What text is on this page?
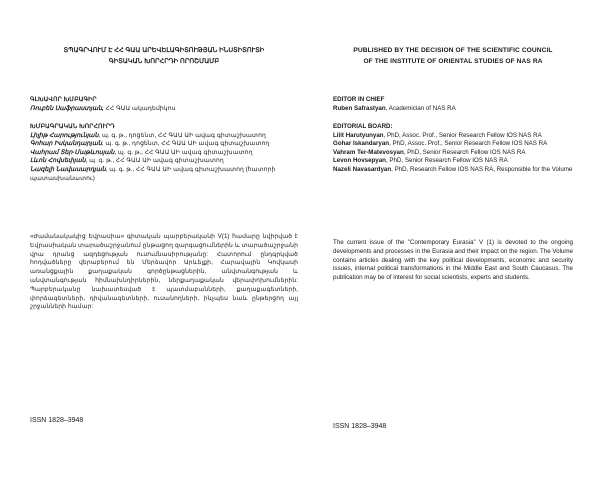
ՏՊԱԳՐՎՈՒՄ Է ՀՀ ԳԱԱ ԱՐԵՎԵԼԱԳԻՏՈՒԹՅԱՆ ԻՆՍՏԻՏՈՒՏԻ
ԳԻՏԱԿԱՆ ԽՈՐՀՐԴԻ ՈՐՈՇՄԱՄԲ
ԳԼԽԱՎՈՐ ԽՄԲԱԳԻՐ
Ռուբեն Սաֆրաստյան, ՀՀ ԳԱԱ ակադեմիկոս
ԽՄԲԱԳՐԱԿԱՆ ԽՈՐՀՈՒՐԴ

Լիլիթ Հարությունյան, պ. գ. թ., դոցենտ, ՀՀ ԳԱԱ ԱԻ ավագ գիտաշխատող

Գոհար Իսկանդարյան, պ. գ. թ., դոցենտ, ՀՀ ԳԱԱ ԱԻ ավագ գիտաշխատող

Վահրամ Տեր-Մաթևոսյան, պ. գ. թ., ՀՀ ԳԱԱ ԱԻ ավագ գիտաշխատող

Լևոն Հովսեփյան, պ. գ. թ., ՀՀ ԳԱԱ ԱԻ ավագ գիտաշխատող

Նազելի Նավասարդյան, պ. գ. թ., ՀՀ ԳԱԱ ԱԻ ավագ գիտաշխատող (հատորի պատասխանատու)

«Ժամանակակից Եվրասիա» գիտական պարբերականի V(1) համարը նվիրված է Եվրասիական տարածաշրջանում ընթացող զարգացումներին և տարածաշրջանի վրա դրանց ազդեցության ուսումնասիրությանը: Հատորում ընդգրկված հոդվածները վերաբերում են Մերձավոր Արևելքի, Հարավային Կովկասի առանցքային քաղաքական գործընթացներին, անվտանգության և անվտանգության հիմնախնդիրներին, ներքաղաքական վերափոխումներին: Պարբերականը նախատեսված է պատմաբանների, քաղաքագետների, փորձագետների, դիվանագետների, ուսանողների, ինչպես նաև ընթերցող այլ շրջանների համար:
ISSN 1828–3948
PUBLISHED BY THE DECISION OF THE SCIENTIFIC COUNCIL
OF THE INSTITUTE OF ORIENTAL STUDIES OF NAS RA
EDITOR IN CHIEF
Ruben Safrastyan, Academician of NAS RA
EDITORIAL BOARD:

Lilit Harutyunyan, PhD, Assoc. Prof., Senior Research Fellow IOS NAS RA

Gohar Iskandaryan, PhD, Assoc. Prof., Senior Research Fellow IOS NAS RA

Vahram Ter-Matevosyan, PhD, Senior Research Fellow IOS NAS RA

Levon Hovsepyan, PhD, Senior Research Fellow IOS NAS RA

Nazeli Navasardyan, PhD, Research Fellow IOS NAS RA, Responsible for the Volume

The current issue of the "Contemporary Eurasia" V (1) is devoted to the ongoing developments and processes in the Eurasia and their impact on the region. The Volume contains articles dealing with the key political developments, economic and security issues, internal political transformations in the Middle East and South Caucasus. The publication may be of interest for social scientists, experts and students.
ISSN 1828–3948
